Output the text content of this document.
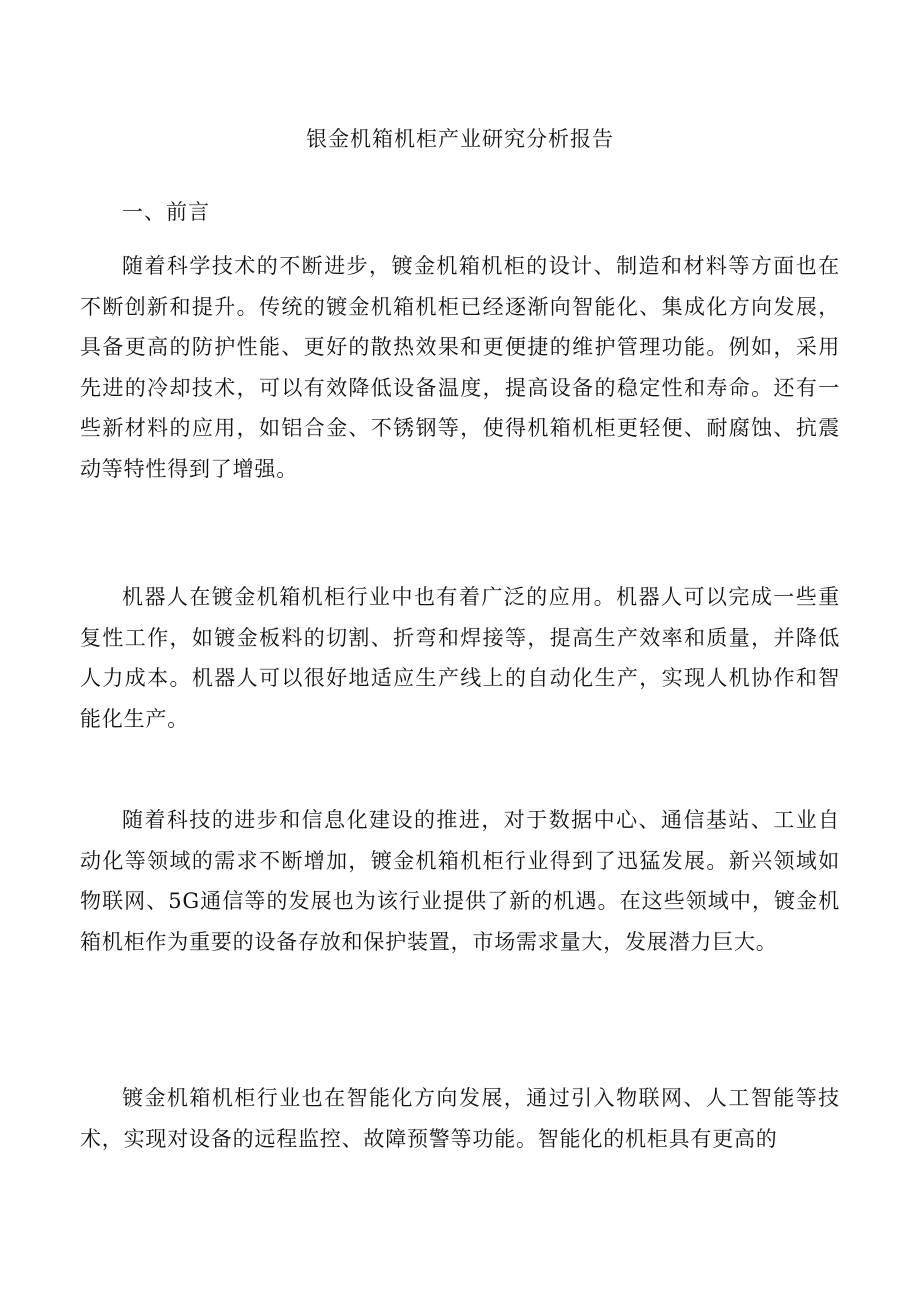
银金机箱机柜产业研究分析报告
一、前言

随着科学技术的不断进步，镀金机箱机柜的设计、制造和材料等方面也在不断创新和提升。传统的镀金机箱机柜已经逐渐向智能化、集成化方向发展，具备更高的防护性能、更好的散热效果和更便捷的维护管理功能。例如，采用先进的冷却技术，可以有效降低设备温度，提高设备的稳定性和寿命。还有一些新材料的应用，如铝合金、不锈钢等，使得机箱机柜更轻便、耐腐蚀、抗震动等特性得到了增强。

机器人在镀金机箱机柜行业中也有着广泛的应用。机器人可以完成一些重复性工作，如镀金板料的切割、折弯和焊接等，提高生产效率和质量，并降低人力成本。机器人可以很好地适应生产线上的自动化生产，实现人机协作和智能化生产。

随着科技的进步和信息化建设的推进，对于数据中心、通信基站、工业自动化等领域的需求不断增加，镀金机箱机柜行业得到了迅猛发展。新兴领域如物联网、5G通信等的发展也为该行业提供了新的机遇。在这些领域中，镀金机箱机柜作为重要的设备存放和保护装置，市场需求量大，发展潜力巨大。

镀金机箱机柜行业也在智能化方向发展，通过引入物联网、人工智能等技术，实现对设备的远程监控、故障预警等功能。智能化的机柜具有更高的
